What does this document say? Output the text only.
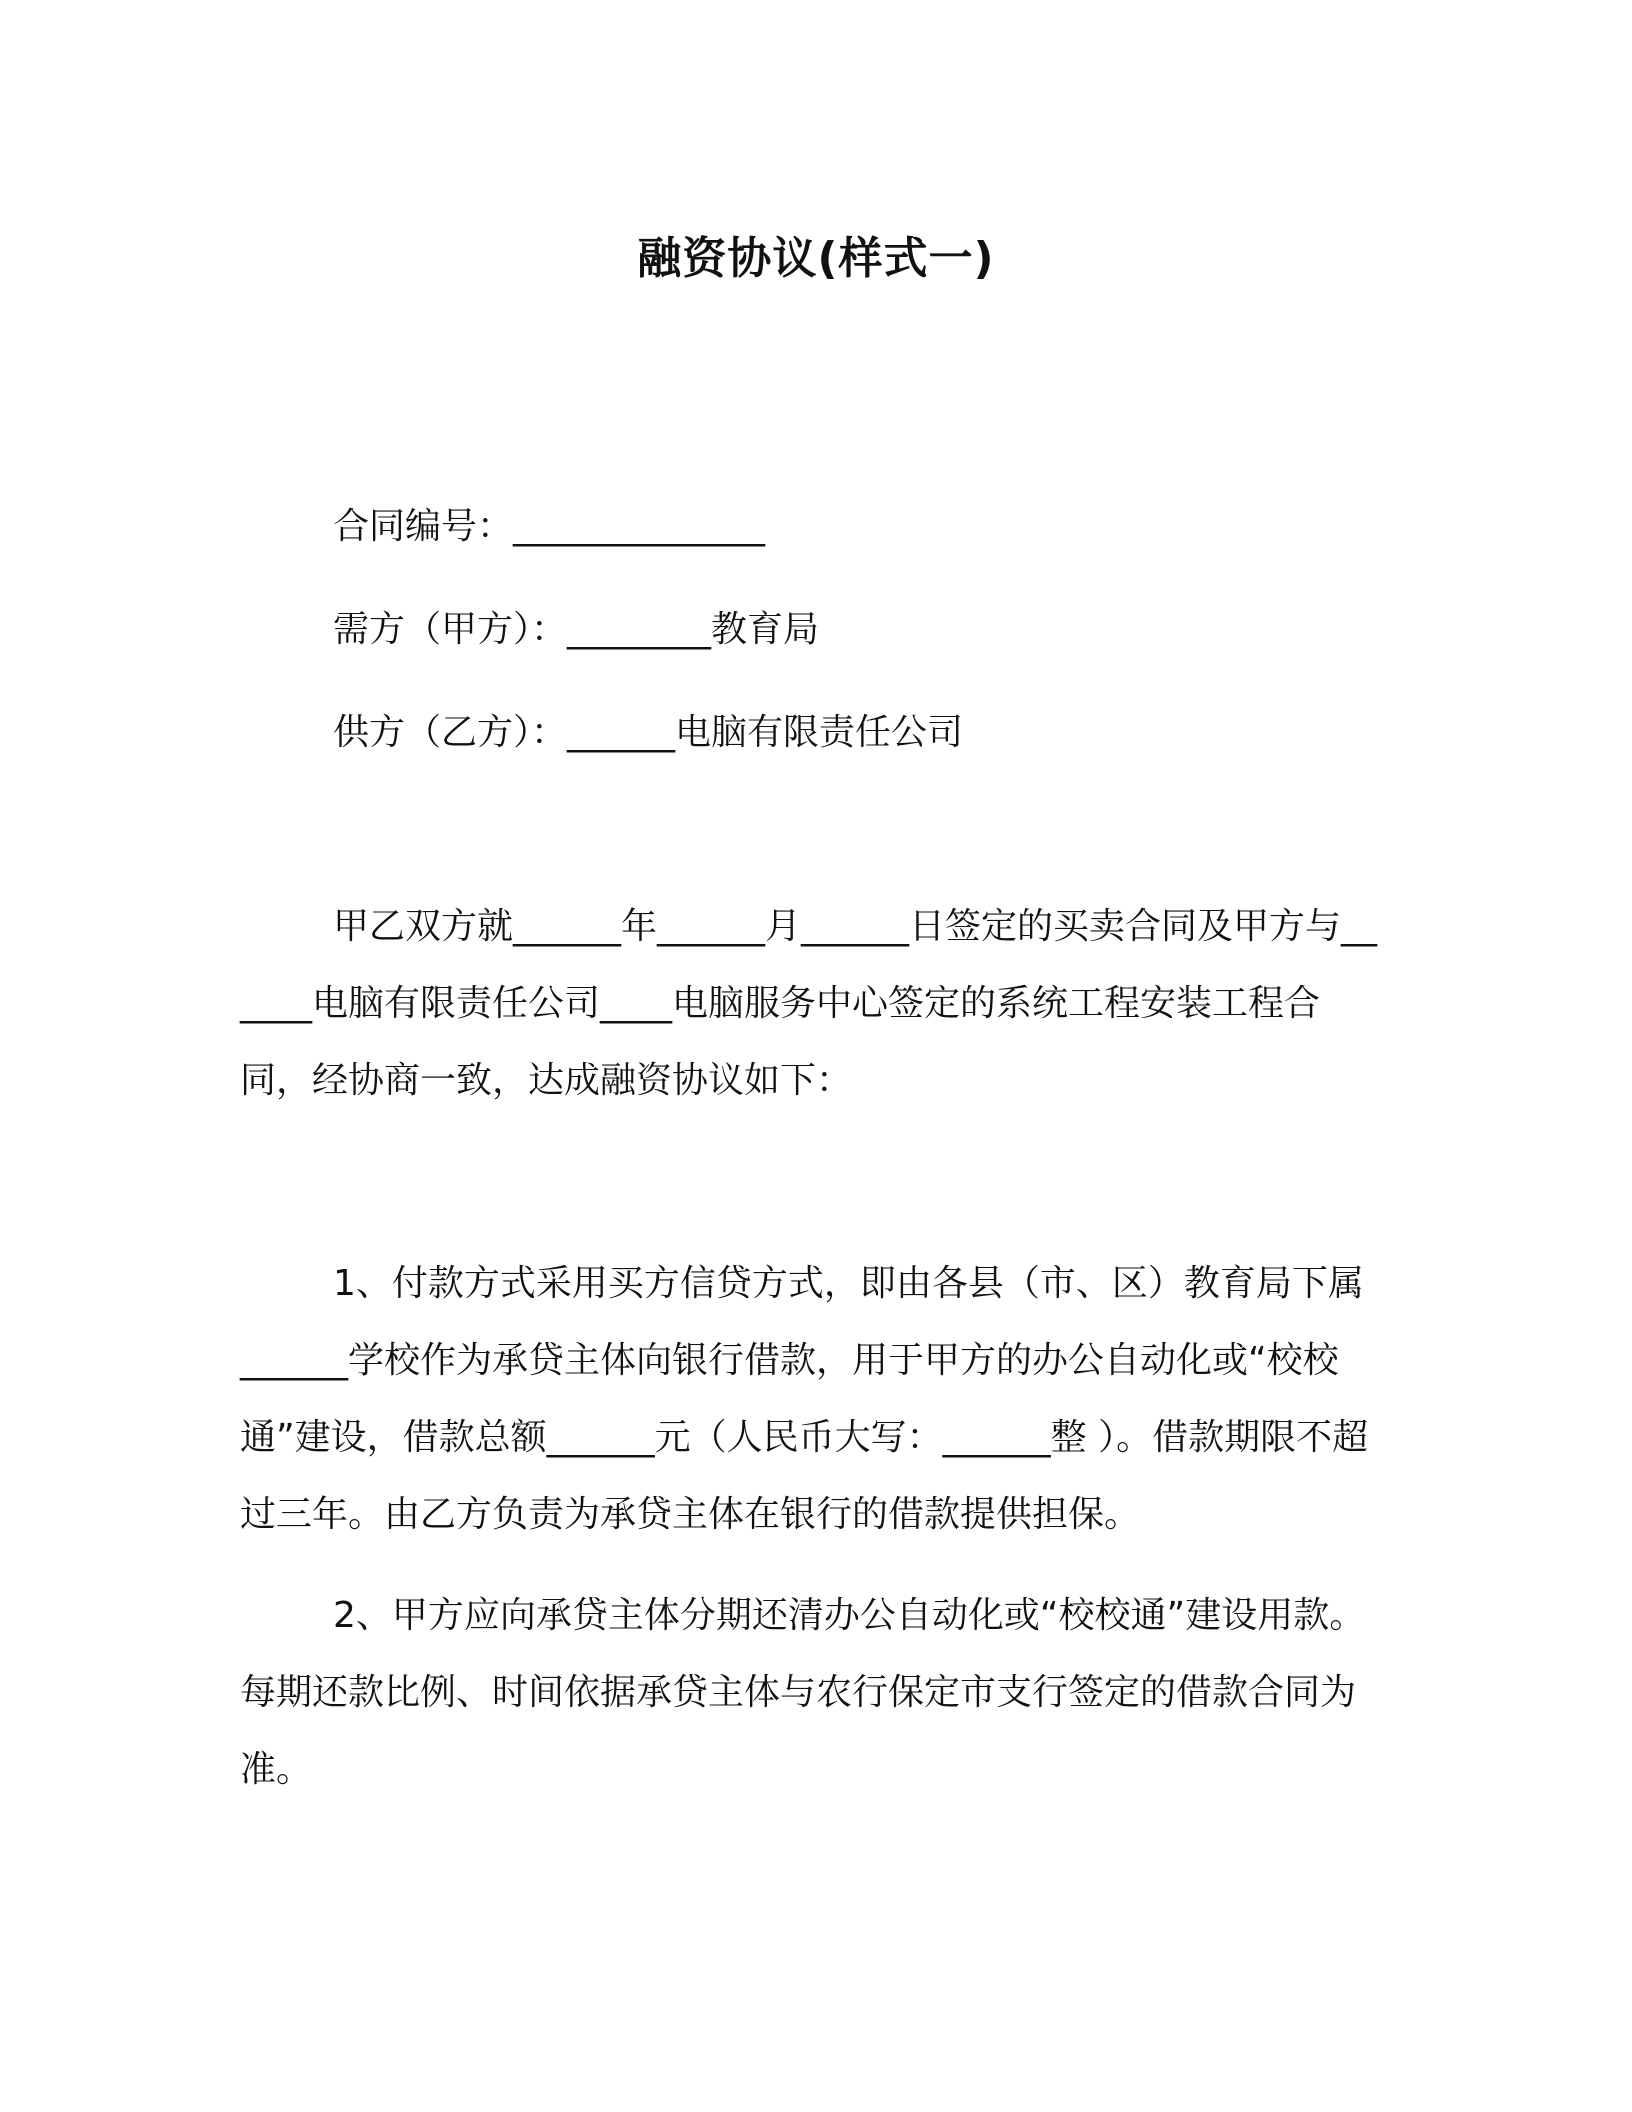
融资协议(样式一)
合同编号：______________
需方（甲方）：________教育局
供方（乙方）：______电脑有限责任公司

甲乙双方就______年______月______日签定的买卖合同及甲方与______电脑有限责任公司____电脑服务中心签定的系统工程安装工程合同，经协商一致，达成融资协议如下：

1、付款方式采用买方信贷方式，即由各县（市、区）教育局下属______学校作为承贷主体向银行借款，用于甲方的办公自动化或“校校通”建设，借款总额______元（人民币大写：______整 ）。借款期限不超过三年。由乙方负责为承贷主体在银行的借款提供担保。

2、甲方应向承贷主体分期还清办公自动化或“校校通”建设用款。每期还款比例、时间依据承贷主体与农行保定市支行签定的借款合同为准。
